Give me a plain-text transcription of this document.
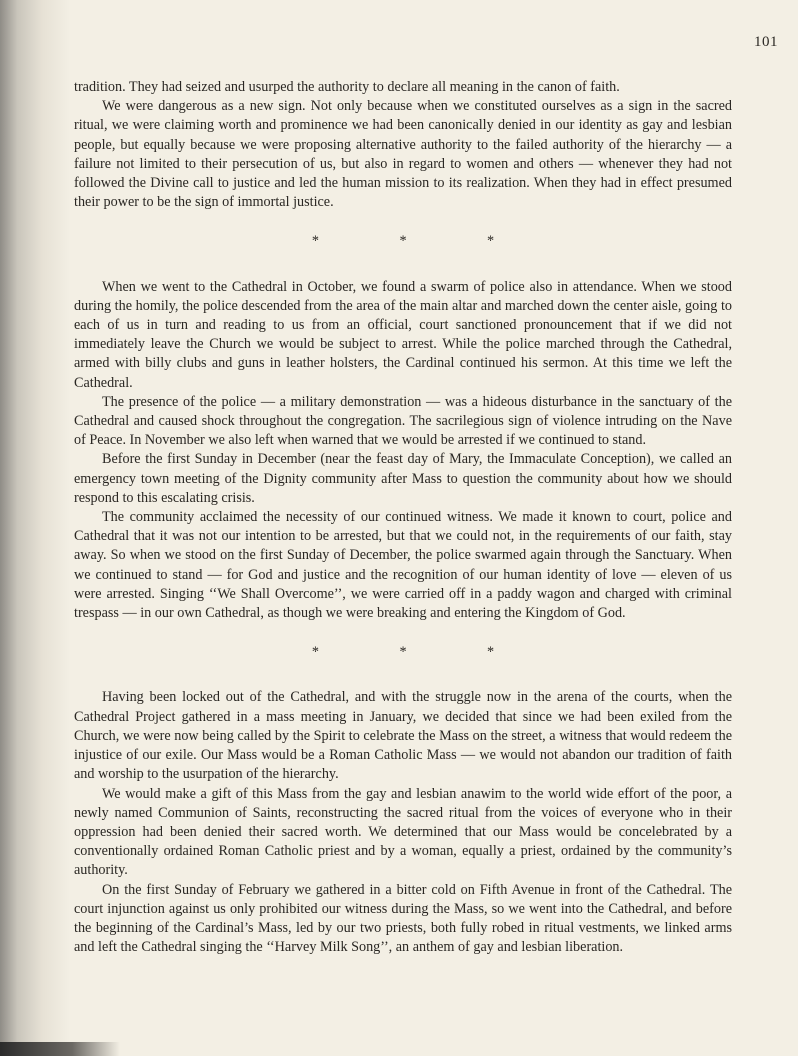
101

tradition. They had seized and usurped the authority to declare all meaning in the canon of faith.

We were dangerous as a new sign. Not only because when we constituted ourselves as a sign in the sacred ritual, we were claiming worth and prominence we had been canonically denied in our identity as gay and lesbian people, but equally because we were proposing alternative authority to the failed authority of the hierarchy — a failure not limited to their persecution of us, but also in regard to women and others — whenever they had not followed the Divine call to justice and led the human mission to its realization. When they had in effect presumed their power to be the sign of immortal justice.

*	*	*

When we went to the Cathedral in October, we found a swarm of police also in attendance. When we stood during the homily, the police descended from the area of the main altar and marched down the center aisle, going to each of us in turn and reading to us from an official, court sanctioned pronouncement that if we did not immediately leave the Church we would be subject to arrest. While the police marched through the Cathedral, armed with billy clubs and guns in leather holsters, the Cardinal continued his sermon. At this time we left the Cathedral.

The presence of the police — a military demonstration — was a hideous disturbance in the sanctuary of the Cathedral and caused shock throughout the congregation. The sacrilegious sign of violence intruding on the Nave of Peace. In November we also left when warned that we would be arrested if we continued to stand.

Before the first Sunday in December (near the feast day of Mary, the Immaculate Conception), we called an emergency town meeting of the Dignity community after Mass to question the community about how we should respond to this escalating crisis.

The community acclaimed the necessity of our continued witness. We made it known to court, police and Cathedral that it was not our intention to be arrested, but that we could not, in the requirements of our faith, stay away. So when we stood on the first Sunday of December, the police swarmed again through the Sanctuary. When we continued to stand — for God and justice and the recognition of our human identity of love — eleven of us were arrested. Singing ‘‘We Shall Overcome’’, we were carried off in a paddy wagon and charged with criminal trespass — in our own Cathedral, as though we were breaking and entering the Kingdom of God.

*	*	*

Having been locked out of the Cathedral, and with the struggle now in the arena of the courts, when the Cathedral Project gathered in a mass meeting in January, we decided that since we had been exiled from the Church, we were now being called by the Spirit to celebrate the Mass on the street, a witness that would redeem the injustice of our exile. Our Mass would be a Roman Catholic Mass — we would not abandon our tradition of faith and worship to the usurpation of the hierarchy.

We would make a gift of this Mass from the gay and lesbian anawim to the world wide effort of the poor, a newly named Communion of Saints, reconstructing the sacred ritual from the voices of everyone who in their oppression had been denied their sacred worth. We determined that our Mass would be concelebrated by a conventionally ordained Roman Catholic priest and by a woman, equally a priest, ordained by the community’s authority.

On the first Sunday of February we gathered in a bitter cold on Fifth Avenue in front of the Cathedral. The court injunction against us only prohibited our witness during the Mass, so we went into the Cathedral, and before the beginning of the Cardinal’s Mass, led by our two priests, both fully robed in ritual vestments, we linked arms and left the Cathedral singing the ‘‘Harvey Milk Song’’, an anthem of gay and lesbian liberation.
